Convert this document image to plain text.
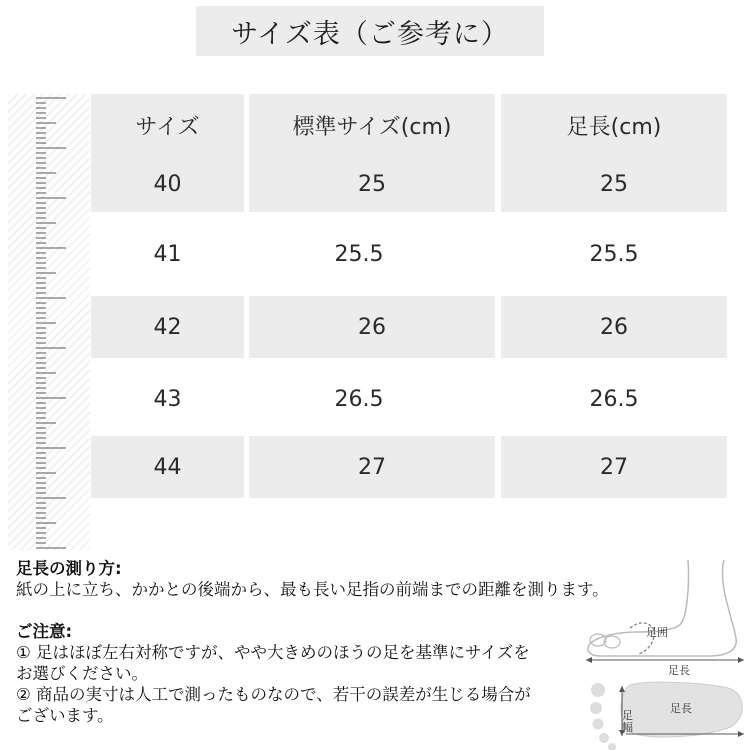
サイズ表（ご参考に）
サイズ	標準サイズ(cm)	足長(cm)
40	25	25
41	25.5	25.5
42	26	26
43	26.5	26.5
44	27	27

足長の測り方:

紙の上に立ち、かかとの後端から、最も長い足指の前端までの距離を測ります。

ご注意:

① 足はほぼ左右対称ですが、やや大きめのほうの足を基準にサイズを

お選びください。

② 商品の実寸は人工で測ったものなので、若干の誤差が生じる場合が

ございます。

足囲
足長
足幅
足長
